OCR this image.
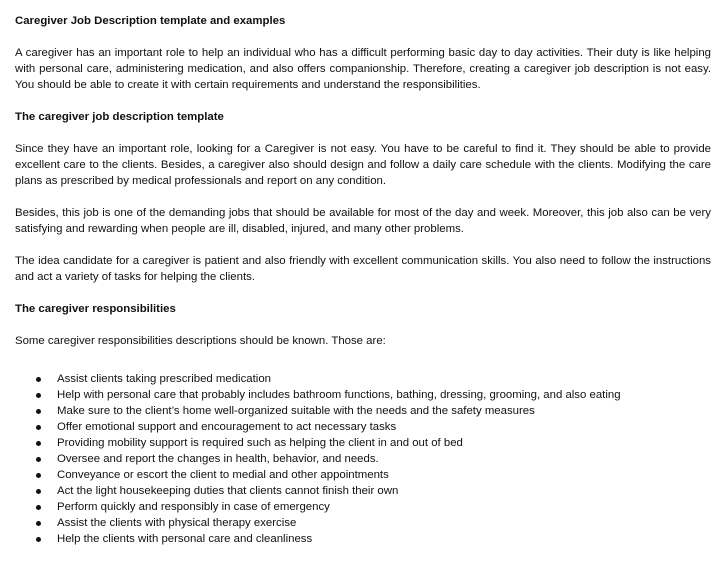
Caregiver Job Description template and examples

A caregiver has an important role to help an individual who has a difficult performing basic day to day activities. Their duty is like helping with personal care, administering medication, and also offers companionship. Therefore, creating a caregiver job description is not easy. You should be able to create it with certain requirements and understand the responsibilities.

The caregiver job description template

Since they have an important role, looking for a Caregiver is not easy. You have to be careful to find it. They should be able to provide excellent care to the clients. Besides, a caregiver also should design and follow a daily care schedule with the clients. Modifying the care plans as prescribed by medical professionals and report on any condition.

Besides, this job is one of the demanding jobs that should be available for most of the day and week. Moreover, this job also can be very satisfying and rewarding when people are ill, disabled, injured, and many other problems.

The idea candidate for a caregiver is patient and also friendly with excellent communication skills. You also need to follow the instructions and act a variety of tasks for helping the clients.

The caregiver responsibilities

Some caregiver responsibilities descriptions should be known. Those are:

Assist clients taking prescribed medication
Help with personal care that probably includes bathroom functions, bathing, dressing, grooming, and also eating
Make sure to the client’s home well-organized suitable with the needs and the safety measures
Offer emotional support and encouragement to act necessary tasks
Providing mobility support is required such as helping the client in and out of bed
Oversee and report the changes in health, behavior, and needs.
Conveyance or escort the client to medial and other appointments
Act the light housekeeping duties that clients cannot finish their own
Perform quickly and responsibly in case of emergency
Assist the clients with physical therapy exercise
Help the clients with personal care and cleanliness
